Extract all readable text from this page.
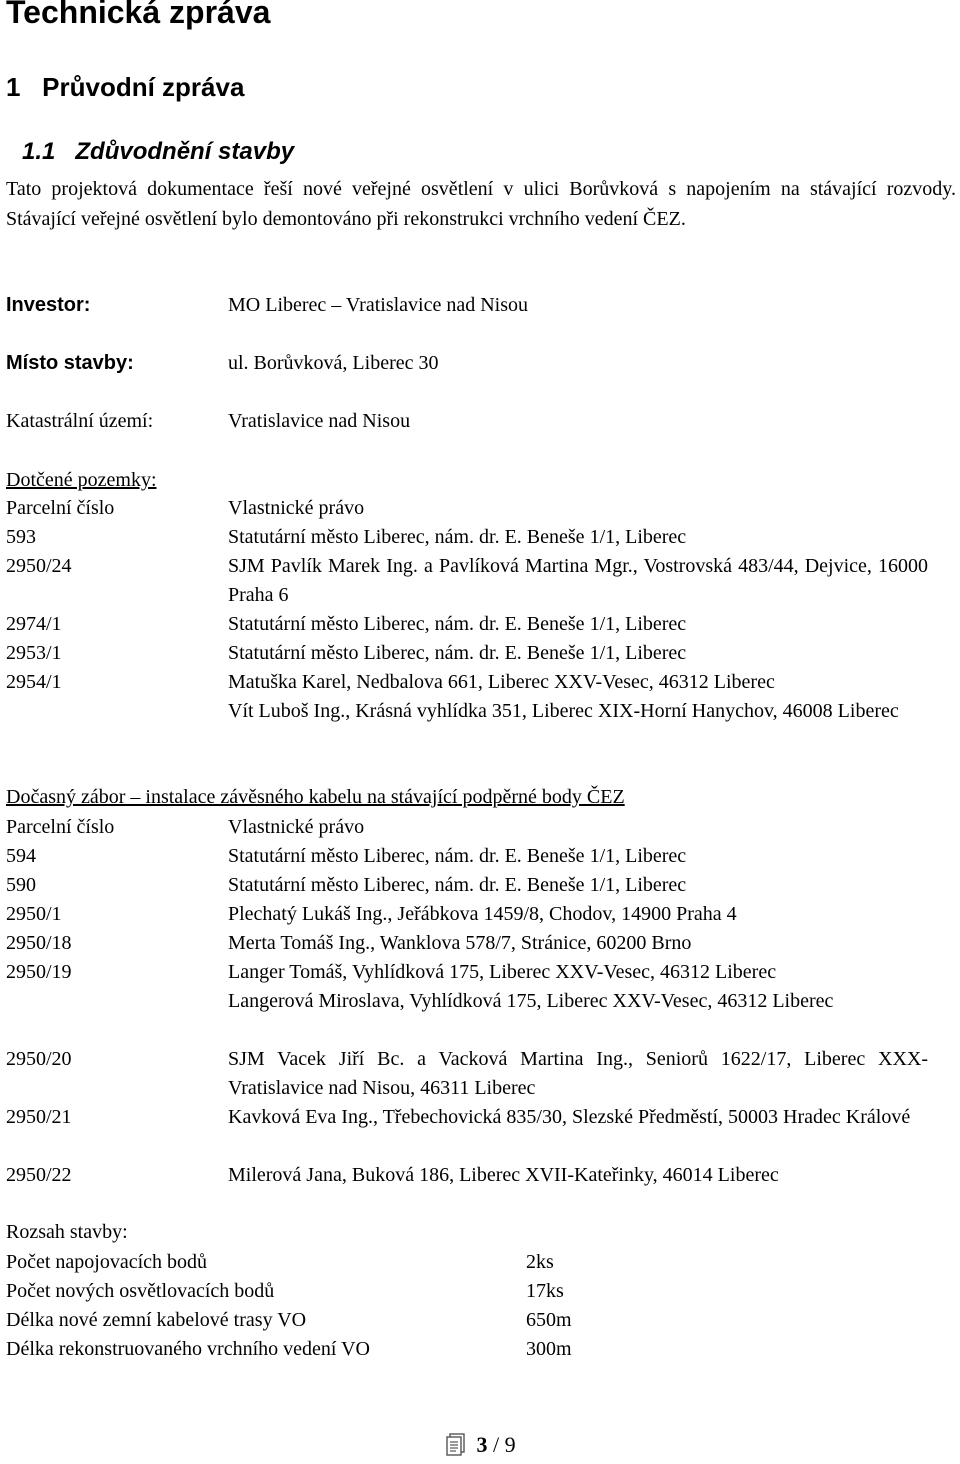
Technická zpráva
1 Průvodní zpráva
1.1 Zdůvodnění stavby
Tato projektová dokumentace řeší nové veřejné osvětlení v ulici Borůvková s napojením na stávající rozvody. Stávající veřejné osvětlení bylo demontováno při rekonstrukci vrchního vedení ČEZ.
Investor:	MO Liberec – Vratislavice nad Nisou
Místo stavby:	ul. Borůvková, Liberec 30
Katastrální území:	Vratislavice nad Nisou
Dotčené pozemky:
Parcelní číslo	Vlastnické právo
593	Statutární město Liberec, nám. dr. E. Beneše 1/1, Liberec
2950/24	SJM Pavlík Marek Ing. a Pavlíková Martina Mgr., Vostrovská 483/44, Dejvice, 16000 Praha 6
2974/1	Statutární město Liberec, nám. dr. E. Beneše 1/1, Liberec
2953/1	Statutární město Liberec, nám. dr. E. Beneše 1/1, Liberec
2954/1	Matuška Karel, Nedbalova 661, Liberec XXV-Vesec, 46312 Liberec
Vít Luboš Ing., Krásná vyhlídka 351, Liberec XIX-Horní Hanychov, 46008 Liberec
Dočasný zábor – instalace závěsného kabelu na stávající podpěrné body ČEZ
Parcelní číslo	Vlastnické právo
594	Statutární město Liberec, nám. dr. E. Beneše 1/1, Liberec
590	Statutární město Liberec, nám. dr. E. Beneše 1/1, Liberec
2950/1	Plechatý Lukáš Ing., Jeřábkova 1459/8, Chodov, 14900 Praha 4
2950/18	Merta Tomáš Ing., Wanklova 578/7, Stránice, 60200 Brno
2950/19	Langer Tomáš, Vyhlídková 175, Liberec XXV-Vesec, 46312 Liberec
Langerová Miroslava, Vyhlídková 175, Liberec XXV-Vesec, 46312 Liberec
2950/20	SJM Vacek Jiří Bc. a Vacková Martina Ing., Seniorů 1622/17, Liberec XXX-Vratislavice nad Nisou, 46311 Liberec
2950/21	Kavková Eva Ing., Třebechovická 835/30, Slezské Předměstí, 50003 Hradec Králové
2950/22	Milerová Jana, Buková 186, Liberec XVII-Kateřinky, 46014 Liberec
Rozsah stavby:
Počet napojovacích bodů	2ks
Počet nových osvětlovacích bodů	17ks
Délka nové zemní kabelové trasy VO	650m
Délka rekonstruovaného vrchního vedení VO	300m
3 / 9
